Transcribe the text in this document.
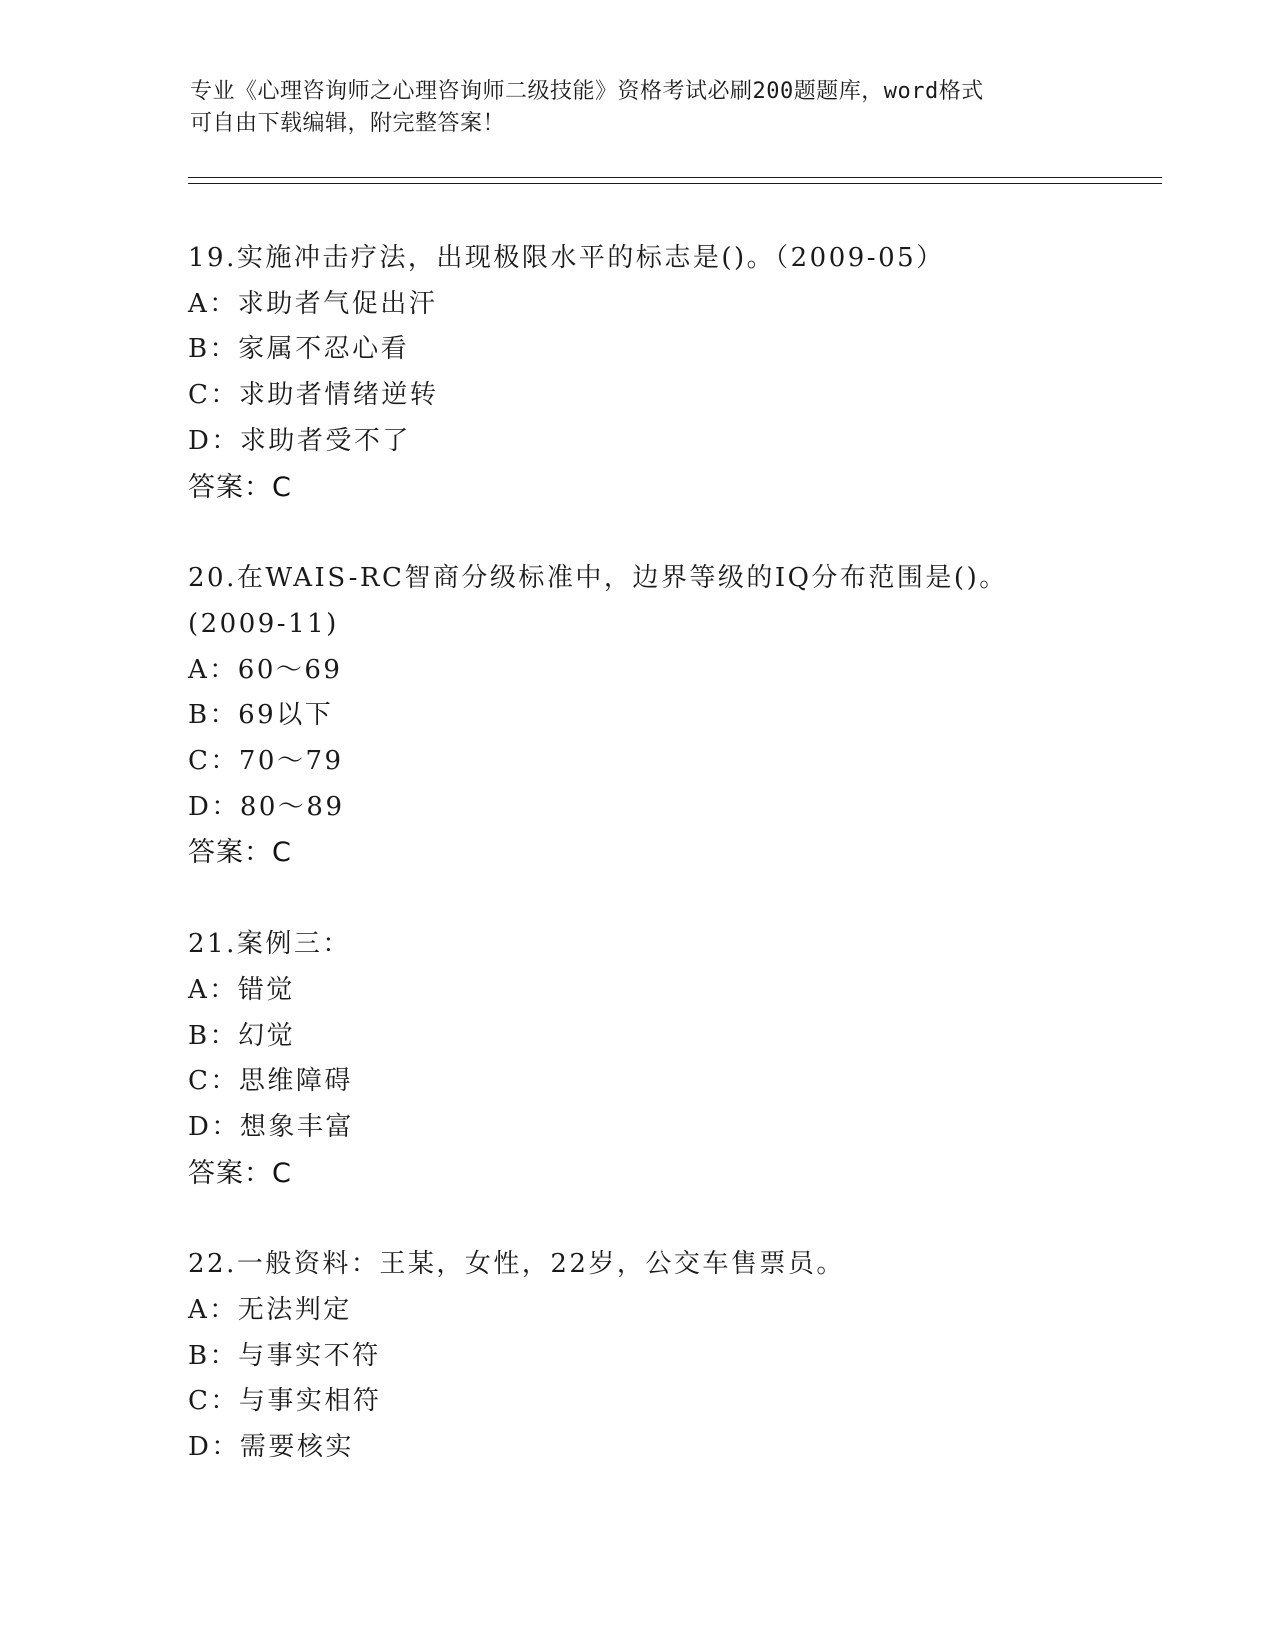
专业《心理咨询师之心理咨询师二级技能》资格考试必刷200题题库，word格式
可自由下载编辑，附完整答案！
19.实施冲击疗法，出现极限水平的标志是()。（2009-05）
A：求助者气促出汗
B：家属不忍心看
C：求助者情绪逆转
D：求助者受不了
答案：C
20.在WAIS-RC智商分级标准中，边界等级的IQ分布范围是()。
(2009-11)
A：60～69
B：69以下
C：70～79
D：80～89
答案：C
21.案例三：
A：错觉
B：幻觉
C：思维障碍
D：想象丰富
答案：C
22.一般资料：王某，女性，22岁，公交车售票员。
A：无法判定
B：与事实不符
C：与事实相符
D：需要核实
